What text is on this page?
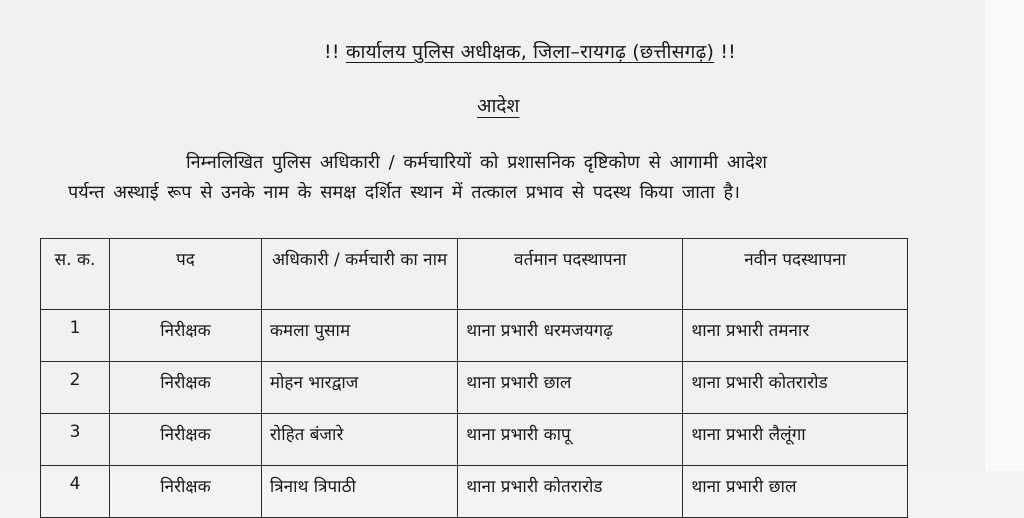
!! कार्यालय पुलिस अधीक्षक, जिला–रायगढ़ (छत्तीसगढ़) !!
आदेश
निम्नलिखित पुलिस अधिकारी / कर्मचारियों को प्रशासनिक दृष्टिकोण से आगामी आदेश
पर्यन्त अस्थाई रूप से उनके नाम के समक्ष दर्शित स्थान में तत्काल प्रभाव से पदस्थ किया जाता है।
स. क.	पद	अधिकारी / कर्मचारी का नाम	वर्तमान पदस्थापना	नवीन पदस्थापना
1	निरीक्षक	कमला पुसाम	थाना प्रभारी धरमजयगढ़	थाना प्रभारी तमनार
2	निरीक्षक	मोहन भारद्वाज	थाना प्रभारी छाल	थाना प्रभारी कोतरारोड
3	निरीक्षक	रोहित बंजारे	थाना प्रभारी कापू	थाना प्रभारी लैलूंगा
4	निरीक्षक	त्रिनाथ त्रिपाठी	थाना प्रभारी कोतरारोड	थाना प्रभारी छाल
